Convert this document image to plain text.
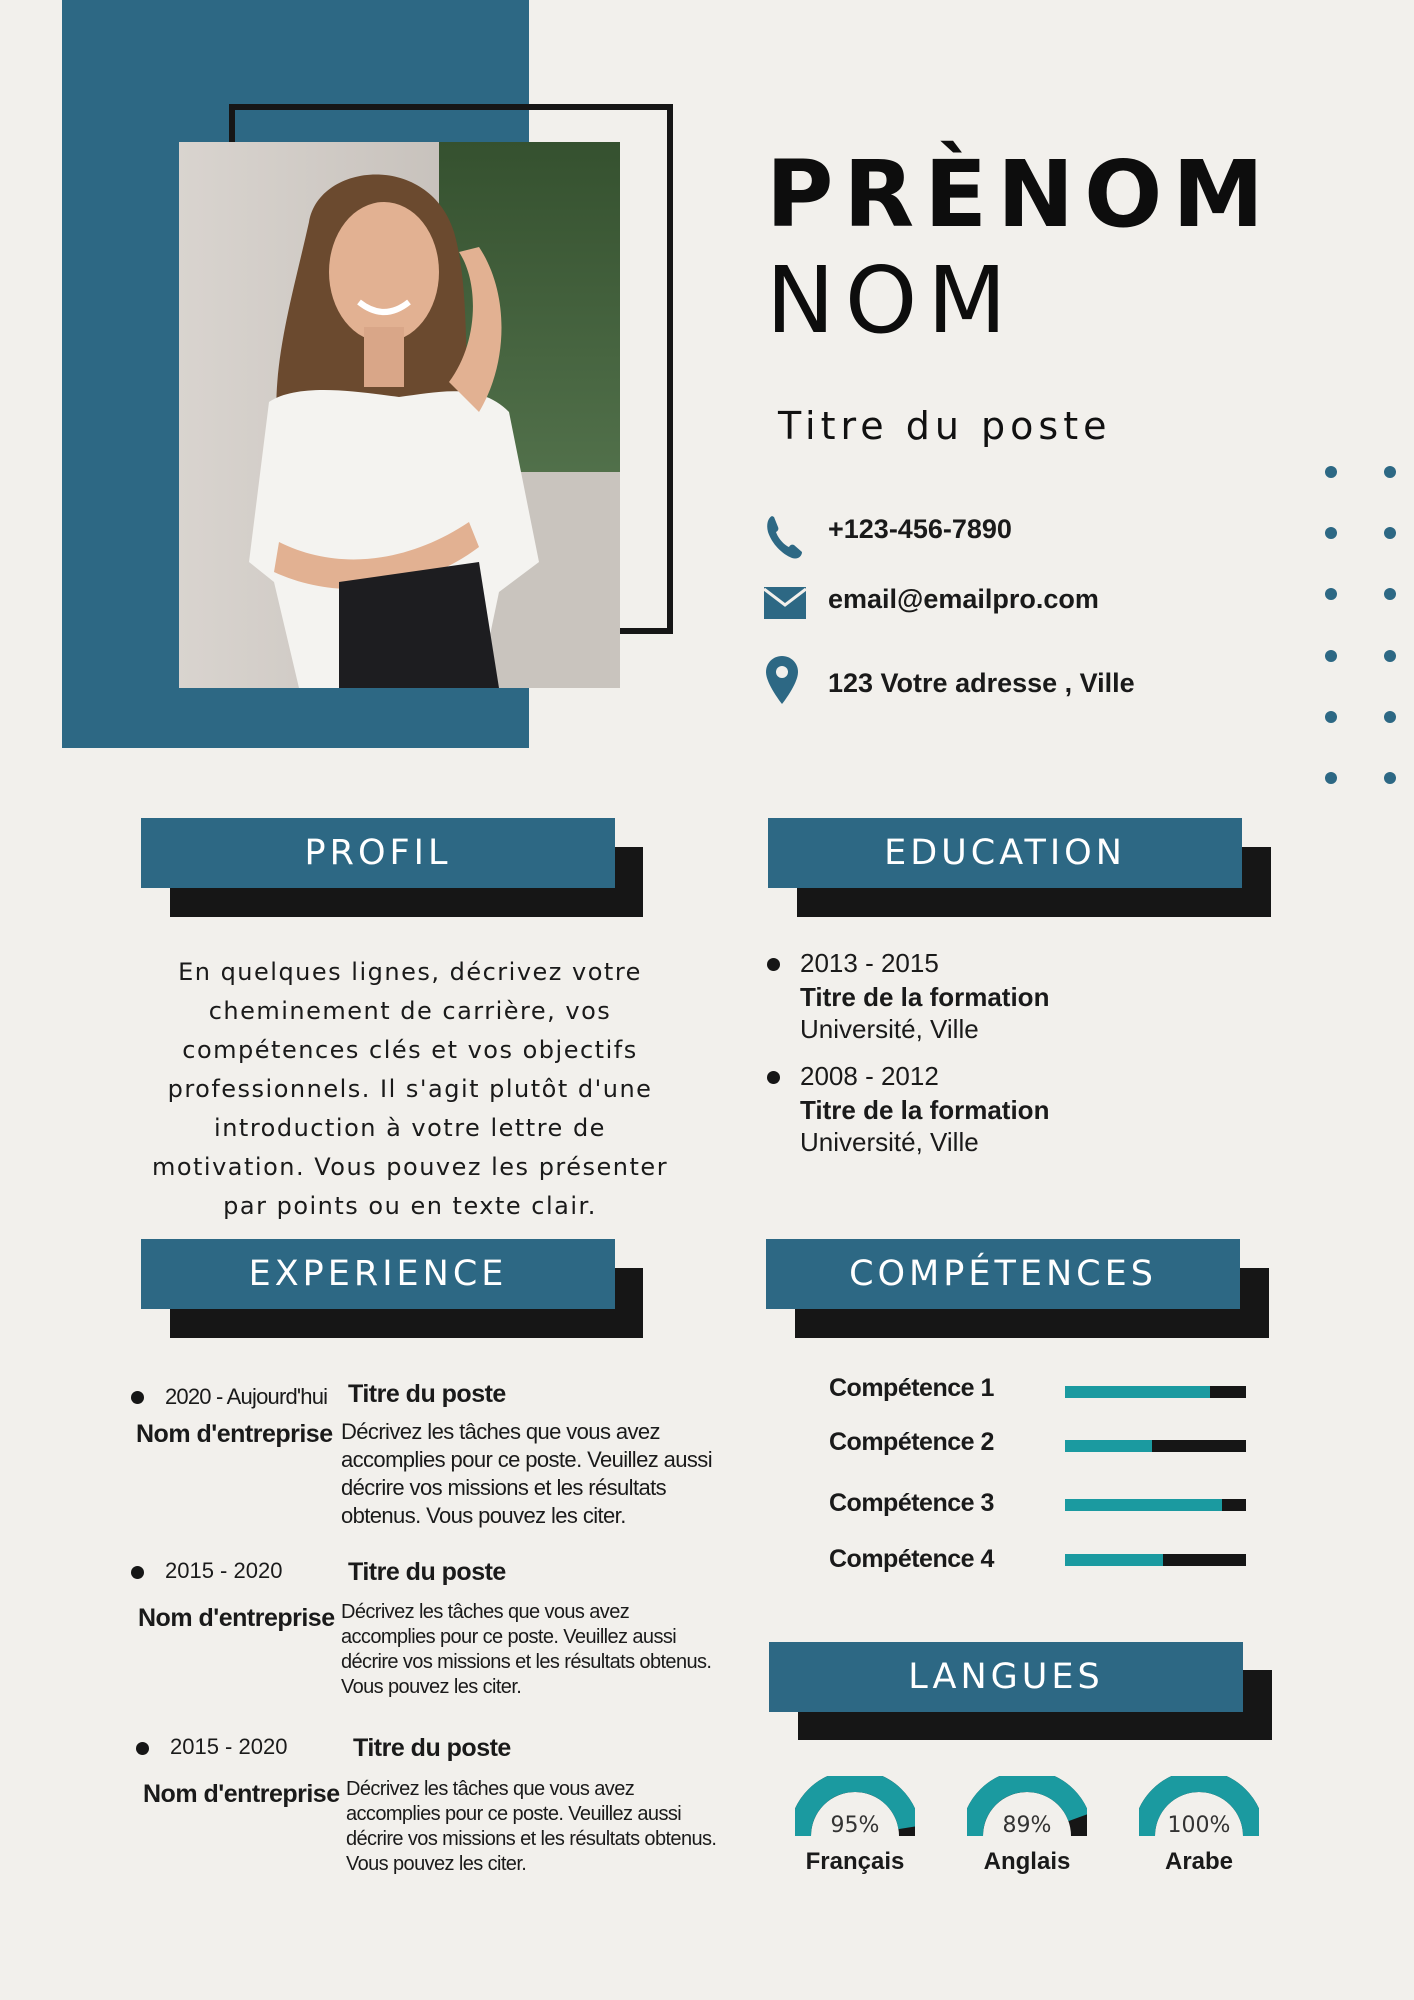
PRÈNOM
NOM
Titre du poste
+123-456-7890
email@emailpro.com
123 Votre adresse , Ville
PROFIL	EDUCATION
EXPERIENCE	COMPÉTENCES
LANGUES
En quelques lignes, décrivez votre cheminement de carrière, vos compétences clés et vos objectifs professionnels. Il s'agit plutôt d'une introduction à votre lettre de motivation. Vous pouvez les présenter par points ou en texte clair.
2013 - 2015
Titre de la formation
Université, Ville
2008 - 2012
Titre de la formation
Université, Ville
2020 - Aujourd'hui
Nom d'entreprise
Titre du poste
Décrivez les tâches que vous avez accomplies pour ce poste. Veuillez aussi décrire vos missions et les résultats obtenus. Vous pouvez les citer.
2015 - 2020
Nom d'entreprise
Titre du poste
Décrivez les tâches que vous avez accomplies pour ce poste. Veuillez aussi décrire vos missions et les résultats obtenus. Vous pouvez les citer.
2015 - 2020
Nom d'entreprise
Titre du poste
Décrivez les tâches que vous avez accomplies pour ce poste. Veuillez aussi décrire vos missions et les résultats obtenus. Vous pouvez les citer.
Compétence 1
Compétence 2
Compétence 3
Compétence 4
95%
Français
89%
Anglais
100%
Arabe
